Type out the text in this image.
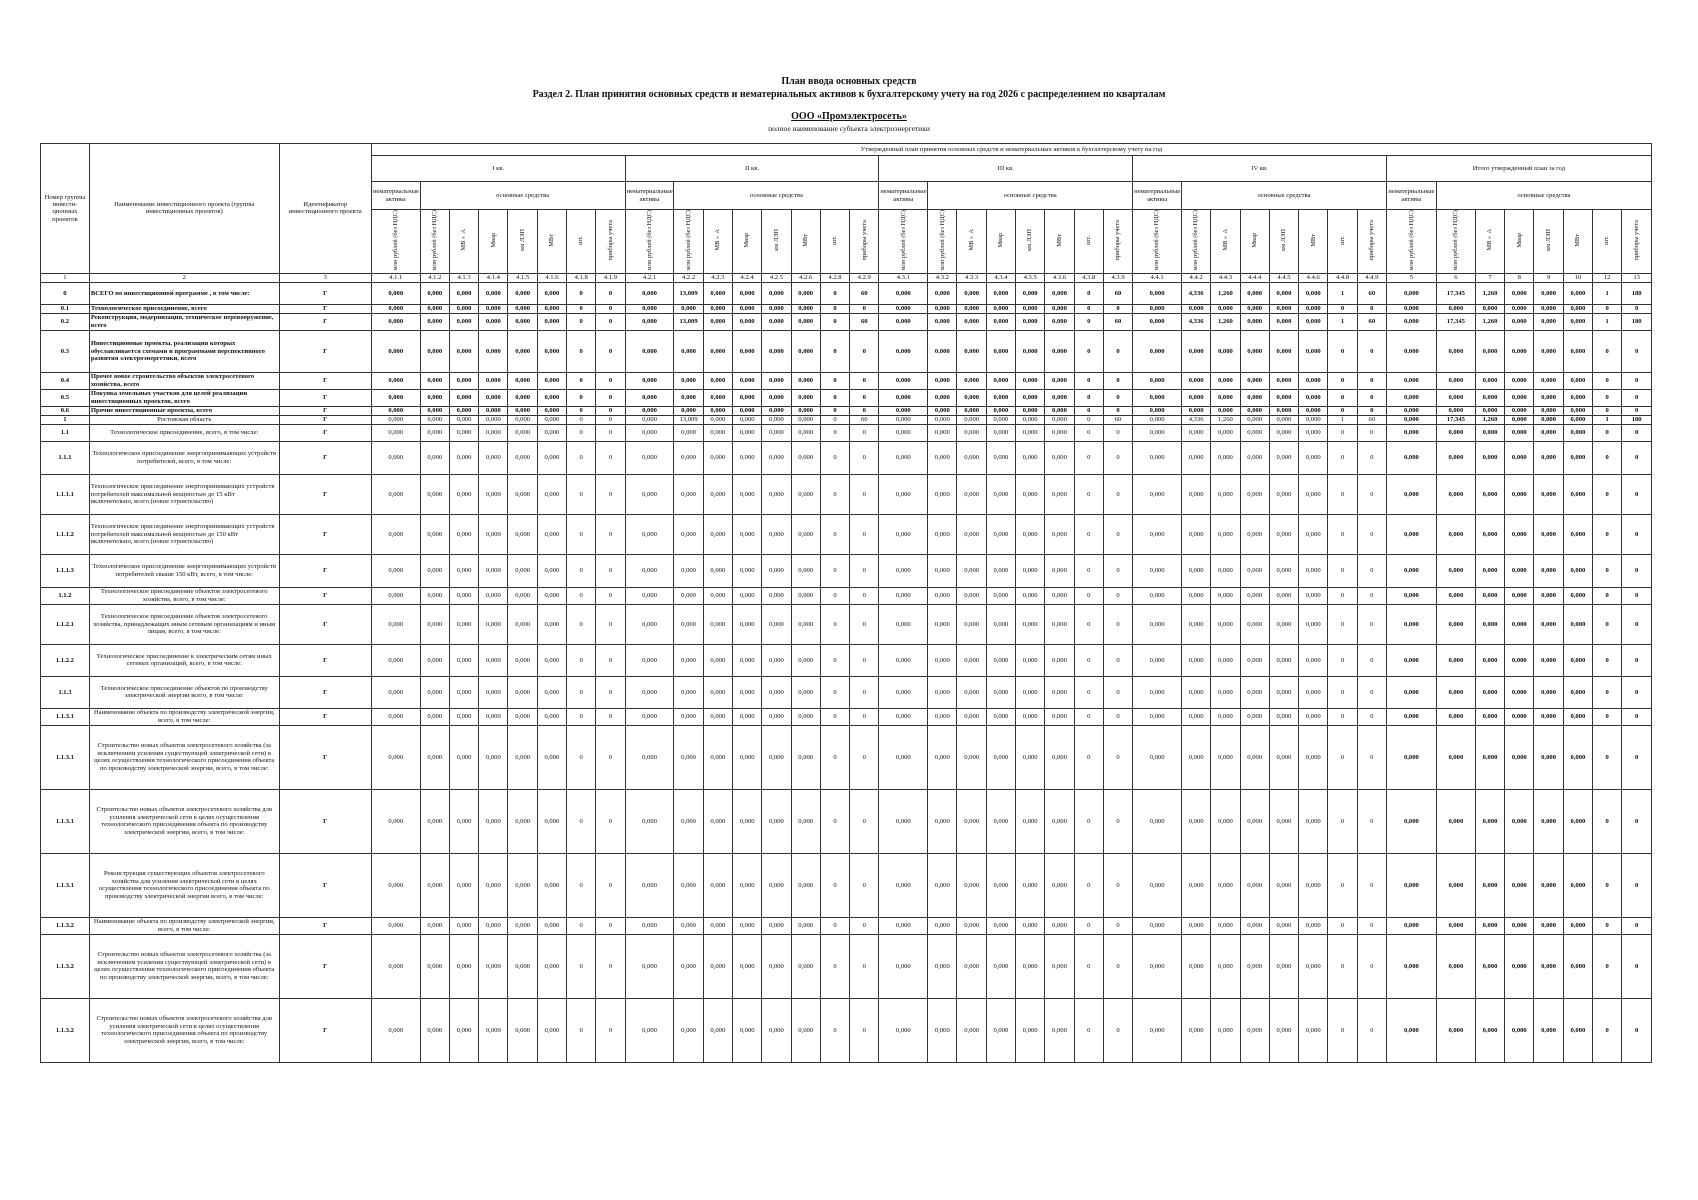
План ввода основных средств
Раздел 2. План принятия основных средств и нематериальных активов к бухгалтерскому учету на год 2026 с распределением по кварталам
ООО «Промэлектросеть»
полное наименование субъекта электроэнергетики
Номер группы инвести-ционных проектов	Наименование инвестиционного проекта (группы инвестиционных проектов)	Идентификатор инвестиционного проекта	Утвержденный план принятия основных средств и нематериальных активов к бухгалтерскому учету на год																																							
			I кв.								II кв.								III кв.								IV кв.								Итого утвержденный план за год							
			нематериальные активы	основные средства							нематериальные активы	основные средства							нематериальные активы	основные средства							нематериальные активы	основные средства							нематериальные активы	основные средства						
			млн рублей (без НДС)	млн рублей (без НДС)	МВ×А	Мвар	км ЛЭП	МВт	шт.	приборы учета	млн рублей (без НДС)	млн рублей (без НДС)	МВ×А	Мвар	км ЛЭП	МВт	шт.	приборы учета	млн рублей (без НДС)	млн рублей (без НДС)	МВ×А	Мвар	км ЛЭП	МВт	шт.	приборы учета	млн рублей (без НДС)	млн рублей (без НДС)	МВ×А	Мвар	км ЛЭП	МВт	шт.	приборы учета	млн рублей (без НДС)	млн рублей (без НДС)	МВ×А	Мвар	км ЛЭП	МВт	шт.	приборы учета
1	2	3	4.1.1	4.1.2	4.1.3	4.1.4	4.1.5	4.1.6	4.1.8	4.1.9	4.2.1	4.2.2	4.2.3	4.2.4	4.2.5	4.2.6	4.2.8	4.2.9	4.3.1	4.3.2	4.3.3	4.3.4	4.3.5	4.3.6	4.3.8	4.3.9	4.4.1	4.4.2	4.4.3	4.4.4	4.4.5	4.4.6	4.4.8	4.4.9	5	6	7	8	9	10	12	13
0	ВСЕГО по инвестиционной программе , в том числе:	Г	0,000	0,000	0,000	0,000	0,000	0,000	0	0	0,000	13,009	0,000	0,000	0,000	0,000	0	60	0,000	0,000	0,000	0,000	0,000	0,000	0	60	0,000	4,336	1,260	0,000	0,000	0,000	1	60	0,000	17,345	1,260	0,000	0,000	0,000	1	180
0.1	Технологическое присоединение, всего	Г	0,000	0,000	0,000	0,000	0,000	0,000	0	0	0,000	0,000	0,000	0,000	0,000	0,000	0	0	0,000	0,000	0,000	0,000	0,000	0,000	0	0	0,000	0,000	0,000	0,000	0,000	0,000	0	0	0,000	0,000	0,000	0,000	0,000	0,000	0	0
0.2	Реконструкция, модернизация, техническое перевооружение, всего	Г	0,000	0,000	0,000	0,000	0,000	0,000	0	0	0,000	13,009	0,000	0,000	0,000	0,000	0	60	0,000	0,000	0,000	0,000	0,000	0,000	0	60	0,000	4,336	1,260	0,000	0,000	0,000	1	60	0,000	17,345	1,260	0,000	0,000	0,000	1	180
0.3	Инвестиционные проекты, реализация которых обуславливается схемами и программами перспективного развития электроэнергетики, всего	Г	0,000	0,000	0,000	0,000	0,000	0,000	0	0	0,000	0,000	0,000	0,000	0,000	0,000	0	0	0,000	0,000	0,000	0,000	0,000	0,000	0	0	0,000	0,000	0,000	0,000	0,000	0,000	0	0	0,000	0,000	0,000	0,000	0,000	0,000	0	0
0.4	Прочее новое строительство объектов электросетевого хозяйства, всего	Г	0,000	0,000	0,000	0,000	0,000	0,000	0	0	0,000	0,000	0,000	0,000	0,000	0,000	0	0	0,000	0,000	0,000	0,000	0,000	0,000	0	0	0,000	0,000	0,000	0,000	0,000	0,000	0	0	0,000	0,000	0,000	0,000	0,000	0,000	0	0
0.5	Покупка земельных участков для целей реализации инвестиционных проектов, всего	Г	0,000	0,000	0,000	0,000	0,000	0,000	0	0	0,000	0,000	0,000	0,000	0,000	0,000	0	0	0,000	0,000	0,000	0,000	0,000	0,000	0	0	0,000	0,000	0,000	0,000	0,000	0,000	0	0	0,000	0,000	0,000	0,000	0,000	0,000	0	0
0.6	Прочие инвестиционные проекты, всего	Г	0,000	0,000	0,000	0,000	0,000	0,000	0	0	0,000	0,000	0,000	0,000	0,000	0,000	0	0	0,000	0,000	0,000	0,000	0,000	0,000	0	0	0,000	0,000	0,000	0,000	0,000	0,000	0	0	0,000	0,000	0,000	0,000	0,000	0,000	0	0
1	Ростовская область	Г	0,000	0,000	0,000	0,000	0,000	0,000	0	0	0,000	13,009	0,000	0,000	0,000	0,000	0	60	0,000	0,000	0,000	0,000	0,000	0,000	0	60	0,000	4,336	1,260	0,000	0,000	0,000	1	60	0,000	17,345	1,260	0,000	0,000	0,000	1	180
1.1	Технологическое присоединение, всего, в том числе:	Г	0,000	0,000	0,000	0,000	0,000	0,000	0	0	0,000	0,000	0,000	0,000	0,000	0,000	0	0	0,000	0,000	0,000	0,000	0,000	0,000	0	0	0,000	0,000	0,000	0,000	0,000	0,000	0	0	0,000	0,000	0,000	0,000	0,000	0,000	0	0
1.1.1	Технологическое присоединение энергопринимающих устройств потребителей, всего, в том числе:	Г	0,000	0,000	0,000	0,000	0,000	0,000	0	0	0,000	0,000	0,000	0,000	0,000	0,000	0	0	0,000	0,000	0,000	0,000	0,000	0,000	0	0	0,000	0,000	0,000	0,000	0,000	0,000	0	0	0,000	0,000	0,000	0,000	0,000	0,000	0	0
1.1.1.1	Технологическое присоединение энергопринимающих устройств потребителей максимальной мощностью до 15 кВт включительно, всего (новое строительство)	Г	0,000	0,000	0,000	0,000	0,000	0,000	0	0	0,000	0,000	0,000	0,000	0,000	0,000	0	0	0,000	0,000	0,000	0,000	0,000	0,000	0	0	0,000	0,000	0,000	0,000	0,000	0,000	0	0	0,000	0,000	0,000	0,000	0,000	0,000	0	0
1.1.1.2	Технологическое присоединение энергопринимающих устройств потребителей максимальной мощностью до 150 кВт включительно, всего (новое строительство)	Г	0,000	0,000	0,000	0,000	0,000	0,000	0	0	0,000	0,000	0,000	0,000	0,000	0,000	0	0	0,000	0,000	0,000	0,000	0,000	0,000	0	0	0,000	0,000	0,000	0,000	0,000	0,000	0	0	0,000	0,000	0,000	0,000	0,000	0,000	0	0
1.1.1.3	Технологическое присоединение энергопринимающих устройств потребителей свыше 150 кВт, всего, в том числе:	Г	0,000	0,000	0,000	0,000	0,000	0,000	0	0	0,000	0,000	0,000	0,000	0,000	0,000	0	0	0,000	0,000	0,000	0,000	0,000	0,000	0	0	0,000	0,000	0,000	0,000	0,000	0,000	0	0	0,000	0,000	0,000	0,000	0,000	0,000	0	0
1.1.2	Технологическое присоединение объектов электросетевого хозяйства, всего, в том числе:	Г	0,000	0,000	0,000	0,000	0,000	0,000	0	0	0,000	0,000	0,000	0,000	0,000	0,000	0	0	0,000	0,000	0,000	0,000	0,000	0,000	0	0	0,000	0,000	0,000	0,000	0,000	0,000	0	0	0,000	0,000	0,000	0,000	0,000	0,000	0	0
1.1.2.1	Технологическое присоединение объектов электросетевого хозяйства, принадлежащих иным сетевым организациям и иным лицам, всего, в том числе:	Г	0,000	0,000	0,000	0,000	0,000	0,000	0	0	0,000	0,000	0,000	0,000	0,000	0,000	0	0	0,000	0,000	0,000	0,000	0,000	0,000	0	0	0,000	0,000	0,000	0,000	0,000	0,000	0	0	0,000	0,000	0,000	0,000	0,000	0,000	0	0
1.1.2.2	Технологическое присоединение к электрическим сетям иных сетевых организаций, всего, в том числе:	Г	0,000	0,000	0,000	0,000	0,000	0,000	0	0	0,000	0,000	0,000	0,000	0,000	0,000	0	0	0,000	0,000	0,000	0,000	0,000	0,000	0	0	0,000	0,000	0,000	0,000	0,000	0,000	0	0	0,000	0,000	0,000	0,000	0,000	0,000	0	0
1.1.3	Технологическое присоединение объектов по производству электрической энергии всего, в том числе:	Г	0,000	0,000	0,000	0,000	0,000	0,000	0	0	0,000	0,000	0,000	0,000	0,000	0,000	0	0	0,000	0,000	0,000	0,000	0,000	0,000	0	0	0,000	0,000	0,000	0,000	0,000	0,000	0	0	0,000	0,000	0,000	0,000	0,000	0,000	0	0
1.1.3.1	Наименование объекта по производству электрической энергии, всего, в том числе:	Г	0,000	0,000	0,000	0,000	0,000	0,000	0	0	0,000	0,000	0,000	0,000	0,000	0,000	0	0	0,000	0,000	0,000	0,000	0,000	0,000	0	0	0,000	0,000	0,000	0,000	0,000	0,000	0	0	0,000	0,000	0,000	0,000	0,000	0,000	0	0
1.1.3.1	Строительство новых объектов электросетевого хозяйства (за исключением усиления существующей электрической сети) в целях осуществления технологического присоединения объекта по производству электрической энергии, всего, в том числе:	Г	0,000	0,000	0,000	0,000	0,000	0,000	0	0	0,000	0,000	0,000	0,000	0,000	0,000	0	0	0,000	0,000	0,000	0,000	0,000	0,000	0	0	0,000	0,000	0,000	0,000	0,000	0,000	0	0	0,000	0,000	0,000	0,000	0,000	0,000	0	0
1.1.3.1	Строительство новых объектов электросетевого хозяйства для усиления электрической сети в целях осуществления технологического присоединения объекта по производству электрической энергии, всего, в том числе:	Г	0,000	0,000	0,000	0,000	0,000	0,000	0	0	0,000	0,000	0,000	0,000	0,000	0,000	0	0	0,000	0,000	0,000	0,000	0,000	0,000	0	0	0,000	0,000	0,000	0,000	0,000	0,000	0	0	0,000	0,000	0,000	0,000	0,000	0,000	0	0
1.1.3.1	Реконструкция существующих объектов электросетевого хозяйства для усиления электрической сети в целях осуществления технологического присоединения объекта по производству электрической энергии всего, в том числе:	Г	0,000	0,000	0,000	0,000	0,000	0,000	0	0	0,000	0,000	0,000	0,000	0,000	0,000	0	0	0,000	0,000	0,000	0,000	0,000	0,000	0	0	0,000	0,000	0,000	0,000	0,000	0,000	0	0	0,000	0,000	0,000	0,000	0,000	0,000	0	0
1.1.3.2	Наименование объекта по производству электрической энергии, всего, в том числе:	Г	0,000	0,000	0,000	0,000	0,000	0,000	0	0	0,000	0,000	0,000	0,000	0,000	0,000	0	0	0,000	0,000	0,000	0,000	0,000	0,000	0	0	0,000	0,000	0,000	0,000	0,000	0,000	0	0	0,000	0,000	0,000	0,000	0,000	0,000	0	0
1.1.3.2	Строительство новых объектов электросетевого хозяйства (за исключением усиления существующей электрической сети) в целях осуществления технологического присоединения объекта по производству электрической энергии, всего, в том числе:	Г	0,000	0,000	0,000	0,000	0,000	0,000	0	0	0,000	0,000	0,000	0,000	0,000	0,000	0	0	0,000	0,000	0,000	0,000	0,000	0,000	0	0	0,000	0,000	0,000	0,000	0,000	0,000	0	0	0,000	0,000	0,000	0,000	0,000	0,000	0	0
1.1.3.2	Строительство новых объектов электросетевого хозяйства для усиления электрической сети в целях осуществления технологического присоединения объекта по производству электрической энергии, всего, в том числе:	Г	0,000	0,000	0,000	0,000	0,000	0,000	0	0	0,000	0,000	0,000	0,000	0,000	0,000	0	0	0,000	0,000	0,000	0,000	0,000	0,000	0	0	0,000	0,000	0,000	0,000	0,000	0,000	0	0	0,000	0,000	0,000	0,000	0,000	0,000	0	0
